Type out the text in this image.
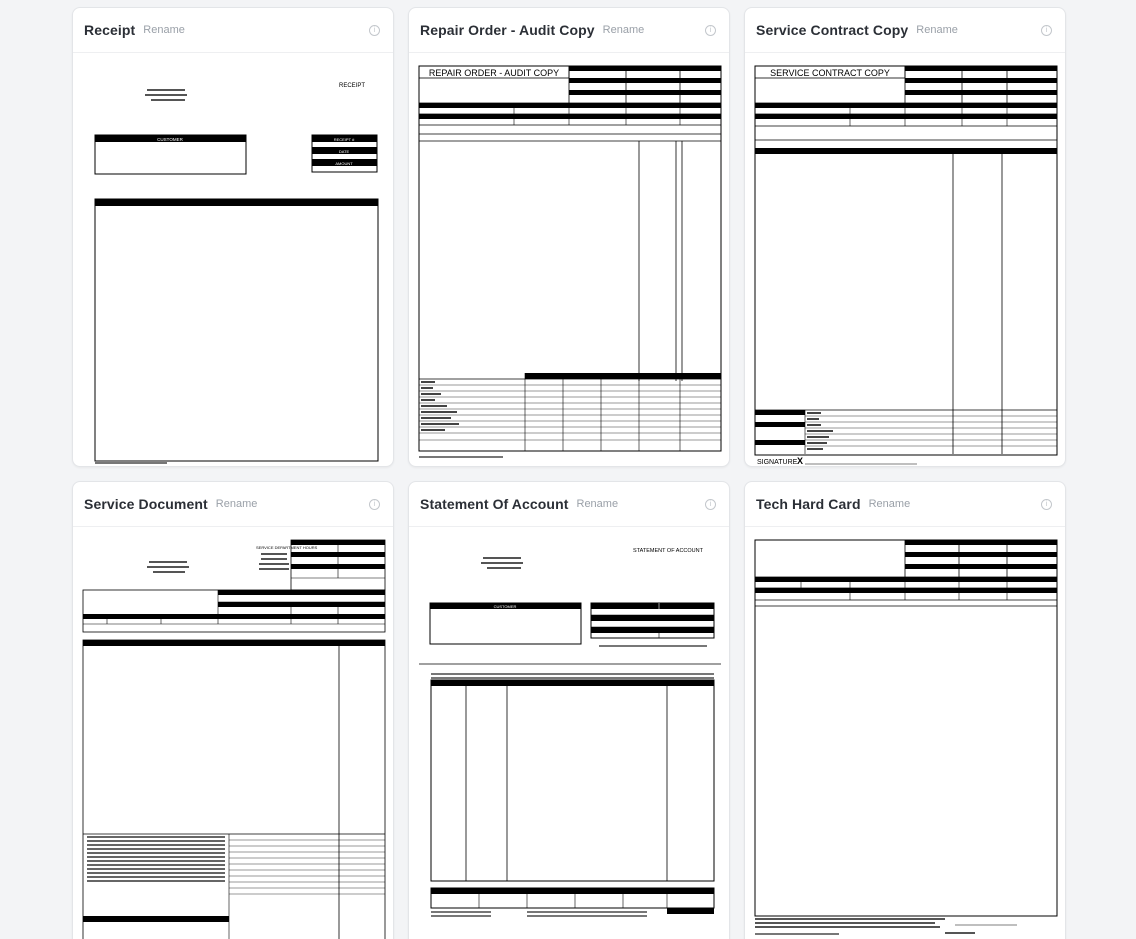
Receipt Rename	i
RECEIPT
CUSTOMER	RECEIPT #
DATE
AMOUNT
Repair Order - Audit Copy Rename	i
REPAIR ORDER - AUDIT COPY
Service Contract Copy Rename	i
SERVICE CONTRACT COPY
SIGNATURE X
Service Document Rename	i
SERVICE DEPARTMENT HOURS
Statement Of Account Rename	i
STATEMENT OF ACCOUNT
CUSTOMER
Tech Hard Card Rename	i
